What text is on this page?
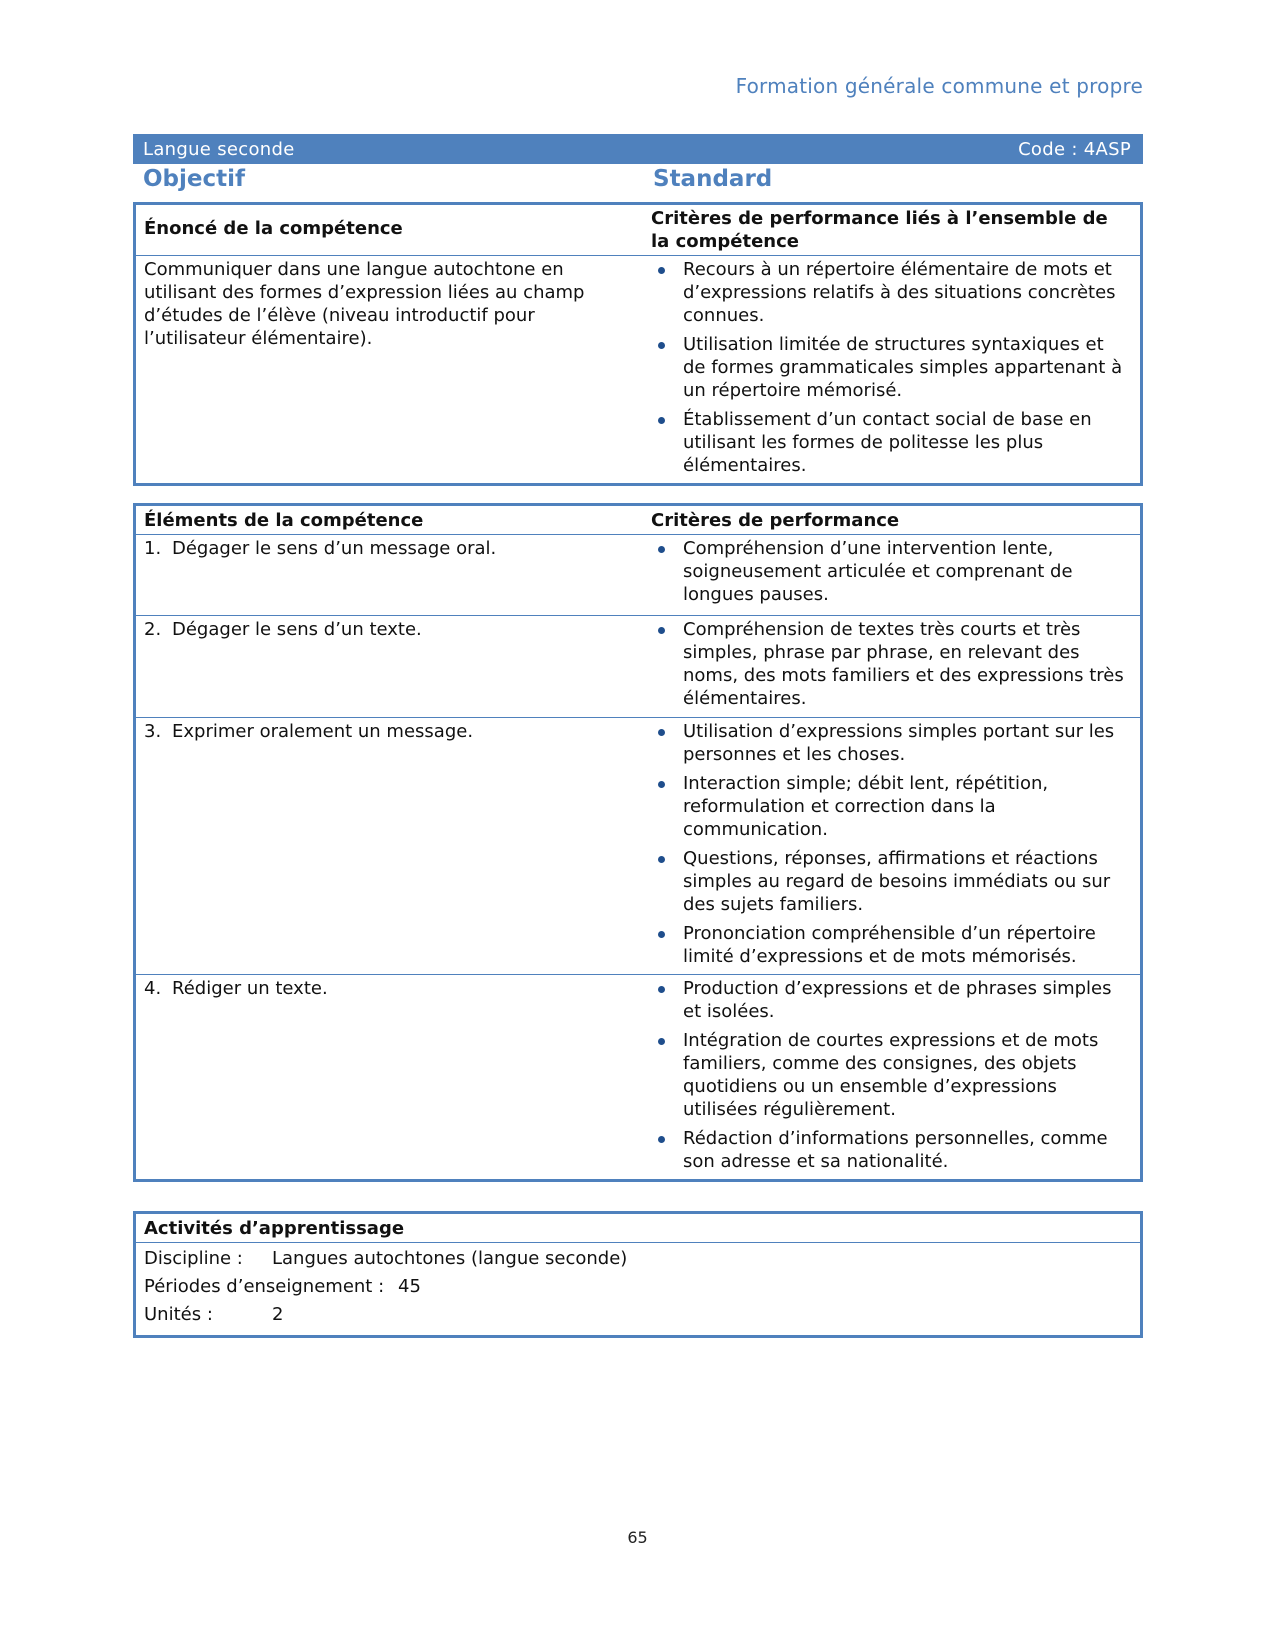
Formation générale commune et propre
Langue seconde	Code : 4ASP
Objectif	Standard
Énoncé de la compétence	Critères de performance liés à l’ensemble de la compétence
Communiquer dans une langue autochtone en utilisant des formes d’expression liées au champ d’études de l’élève (niveau introductif pour l’utilisateur élémentaire).
Recours à un répertoire élémentaire de mots et d’expressions relatifs à des situations concrètes connues.
Utilisation limitée de structures syntaxiques et de formes grammaticales simples appartenant à un répertoire mémorisé.
Établissement d’un contact social de base en utilisant les formes de politesse les plus élémentaires.
Éléments de la compétence	Critères de performance
1. Dégager le sens d’un message oral.	Compréhension d’une intervention lente, soigneusement articulée et comprenant de longues pauses.
2. Dégager le sens d’un texte.	Compréhension de textes très courts et très simples, phrase par phrase, en relevant des noms, des mots familiers et des expressions très élémentaires.
3. Exprimer oralement un message.	Utilisation d’expressions simples portant sur les personnes et les choses.
Interaction simple; débit lent, répétition, reformulation et correction dans la communication.
Questions, réponses, affirmations et réactions simples au regard de besoins immédiats ou sur des sujets familiers.
Prononciation compréhensible d’un répertoire limité d’expressions et de mots mémorisés.
4. Rédiger un texte.	Production d’expressions et de phrases simples et isolées.
Intégration de courtes expressions et de mots familiers, comme des consignes, des objets quotidiens ou un ensemble d’expressions utilisées régulièrement.
Rédaction d’informations personnelles, comme son adresse et sa nationalité.
Activités d’apprentissage
Discipline :	Langues autochtones (langue seconde)
Périodes d’enseignement : 45
Unités :	2
65
